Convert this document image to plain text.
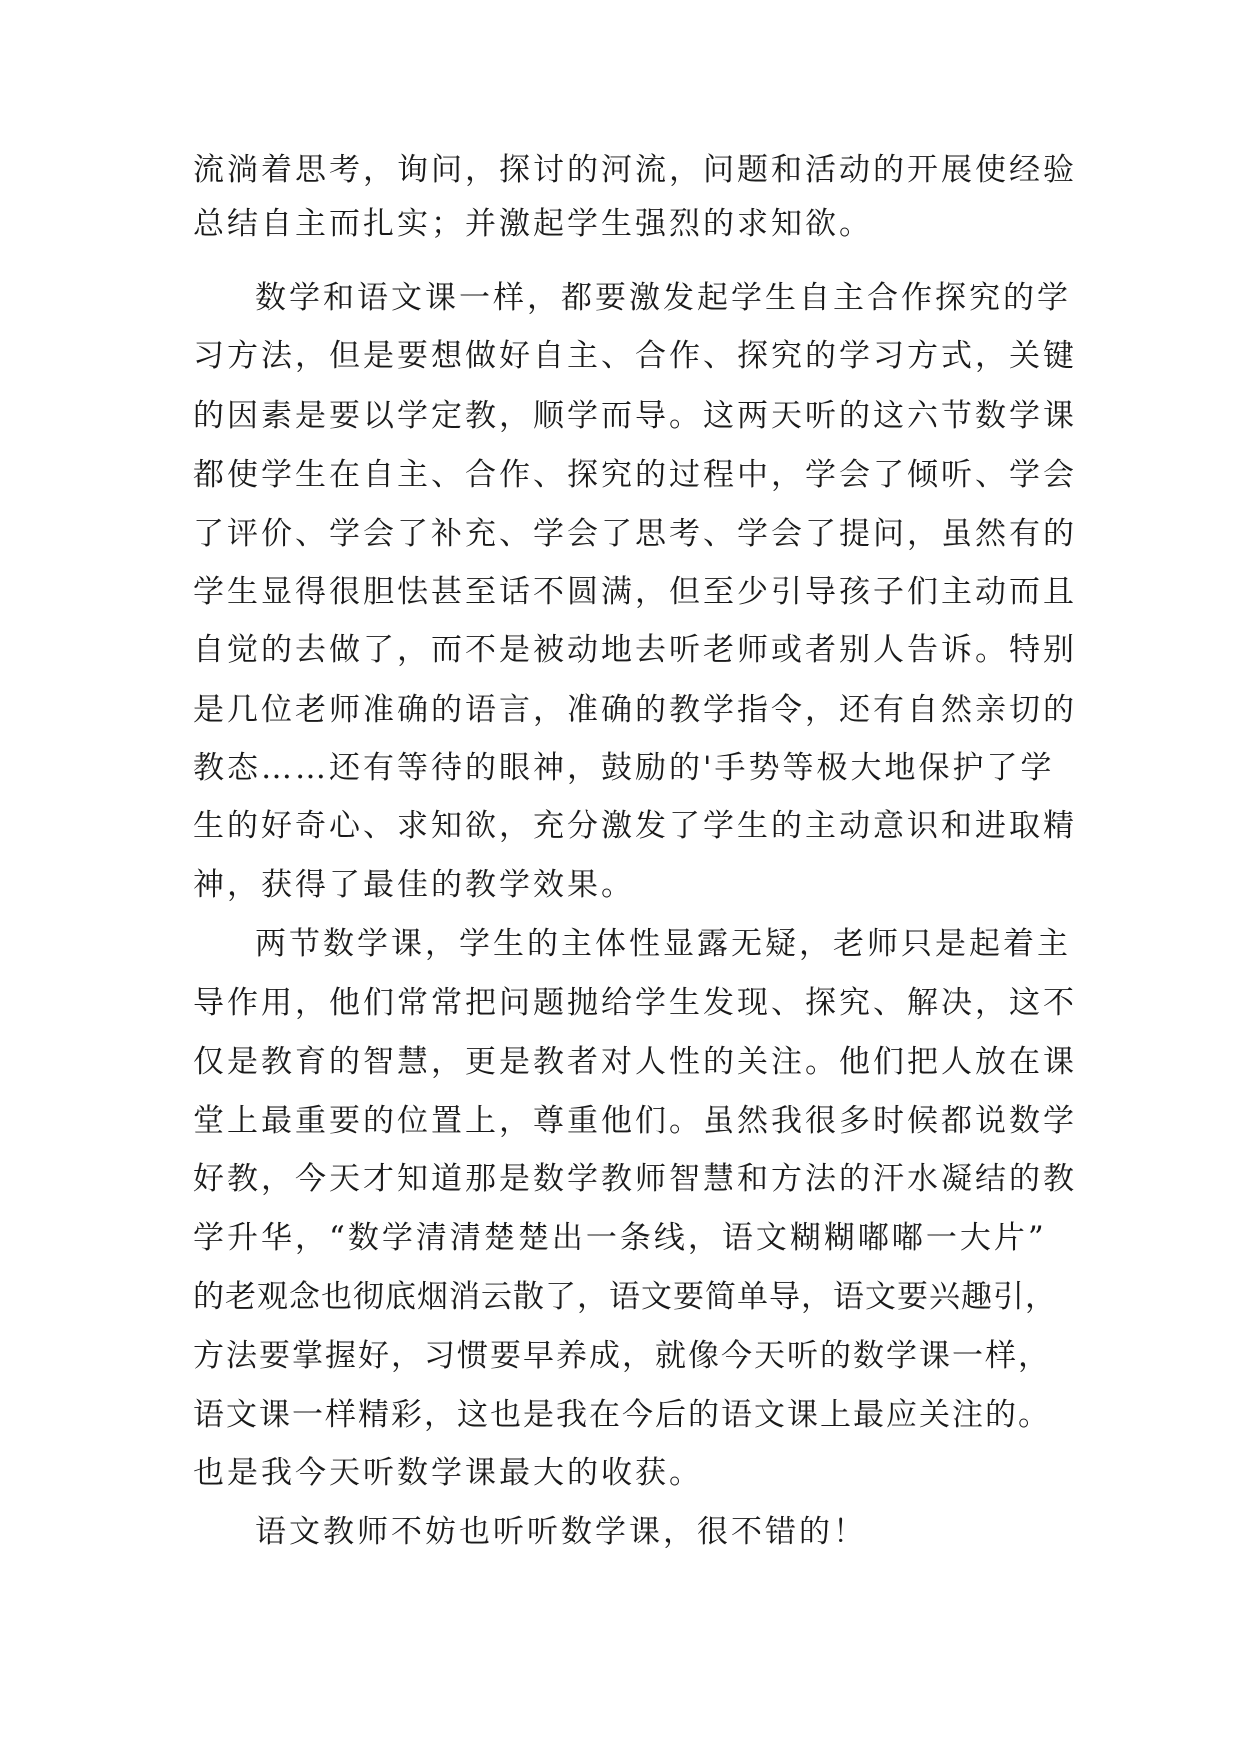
流淌着思考，询问，探讨的河流，问题和活动的开展使经验
总结自主而扎实；并激起学生强烈的求知欲。
数学和语文课一样，都要激发起学生自主合作探究的学
习方法，但是要想做好自主、合作、探究的学习方式，关键
的因素是要以学定教，顺学而导。这两天听的这六节数学课
都使学生在自主、合作、探究的过程中，学会了倾听、学会
了评价、学会了补充、学会了思考、学会了提问，虽然有的
学生显得很胆怯甚至话不圆满，但至少引导孩子们主动而且
自觉的去做了，而不是被动地去听老师或者别人告诉。特别
是几位老师准确的语言，准确的教学指令，还有自然亲切的
教态……还有等待的眼神，鼓励的'手势等极大地保护了学
生的好奇心、求知欲，充分激发了学生的主动意识和进取精
神，获得了最佳的教学效果。
两节数学课，学生的主体性显露无疑，老师只是起着主
导作用，他们常常把问题抛给学生发现、探究、解决，这不
仅是教育的智慧，更是教者对人性的关注。他们把人放在课
堂上最重要的位置上，尊重他们。虽然我很多时候都说数学
好教，今天才知道那是数学教师智慧和方法的汗水凝结的教
学升华，“数学清清楚楚出一条线，语文糊糊嘟嘟一大片”
的老观念也彻底烟消云散了，语文要简单导，语文要兴趣引，
方法要掌握好，习惯要早养成，就像今天听的数学课一样，
语文课一样精彩，这也是我在今后的语文课上最应关注的。
也是我今天听数学课最大的收获。
语文教师不妨也听听数学课，很不错的！
